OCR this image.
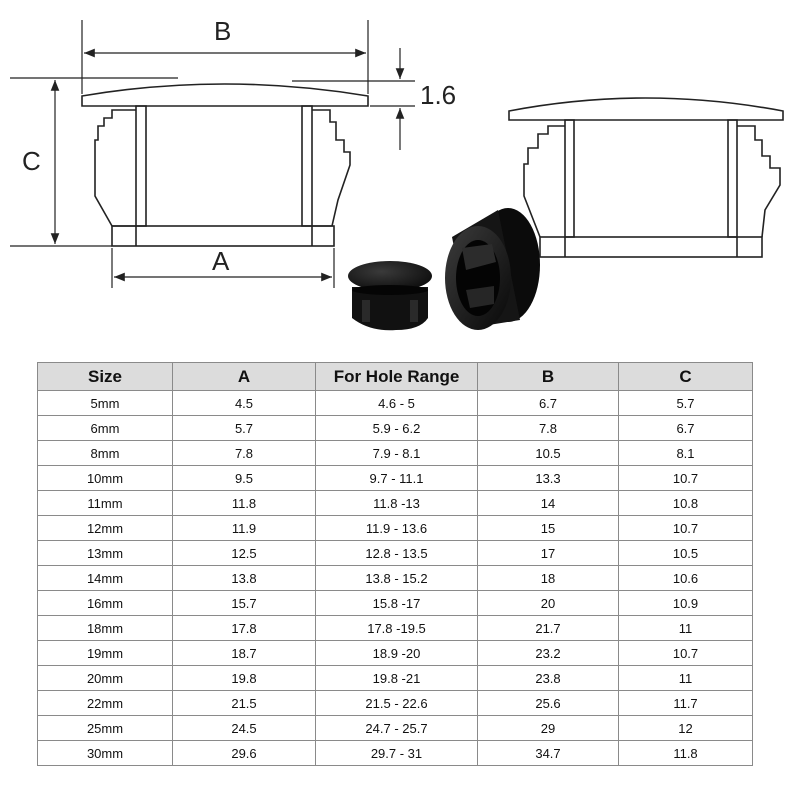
B
C
A
1.6
Size	A	For Hole Range	B	C
5mm	4.5	4.6 - 5	6.7	5.7
6mm	5.7	5.9 - 6.2	7.8	6.7
8mm	7.8	7.9 - 8.1	10.5	8.1
10mm	9.5	9.7 - 11.1	13.3	10.7
11mm	11.8	11.8 -13	14	10.8
12mm	11.9	11.9 - 13.6	15	10.7
13mm	12.5	12.8 - 13.5	17	10.5
14mm	13.8	13.8 - 15.2	18	10.6
16mm	15.7	15.8 -17	20	10.9
18mm	17.8	17.8 -19.5	21.7	11
19mm	18.7	18.9 -20	23.2	10.7
20mm	19.8	19.8 -21	23.8	11
22mm	21.5	21.5 - 22.6	25.6	11.7
25mm	24.5	24.7 - 25.7	29	12
30mm	29.6	29.7 - 31	34.7	11.8
